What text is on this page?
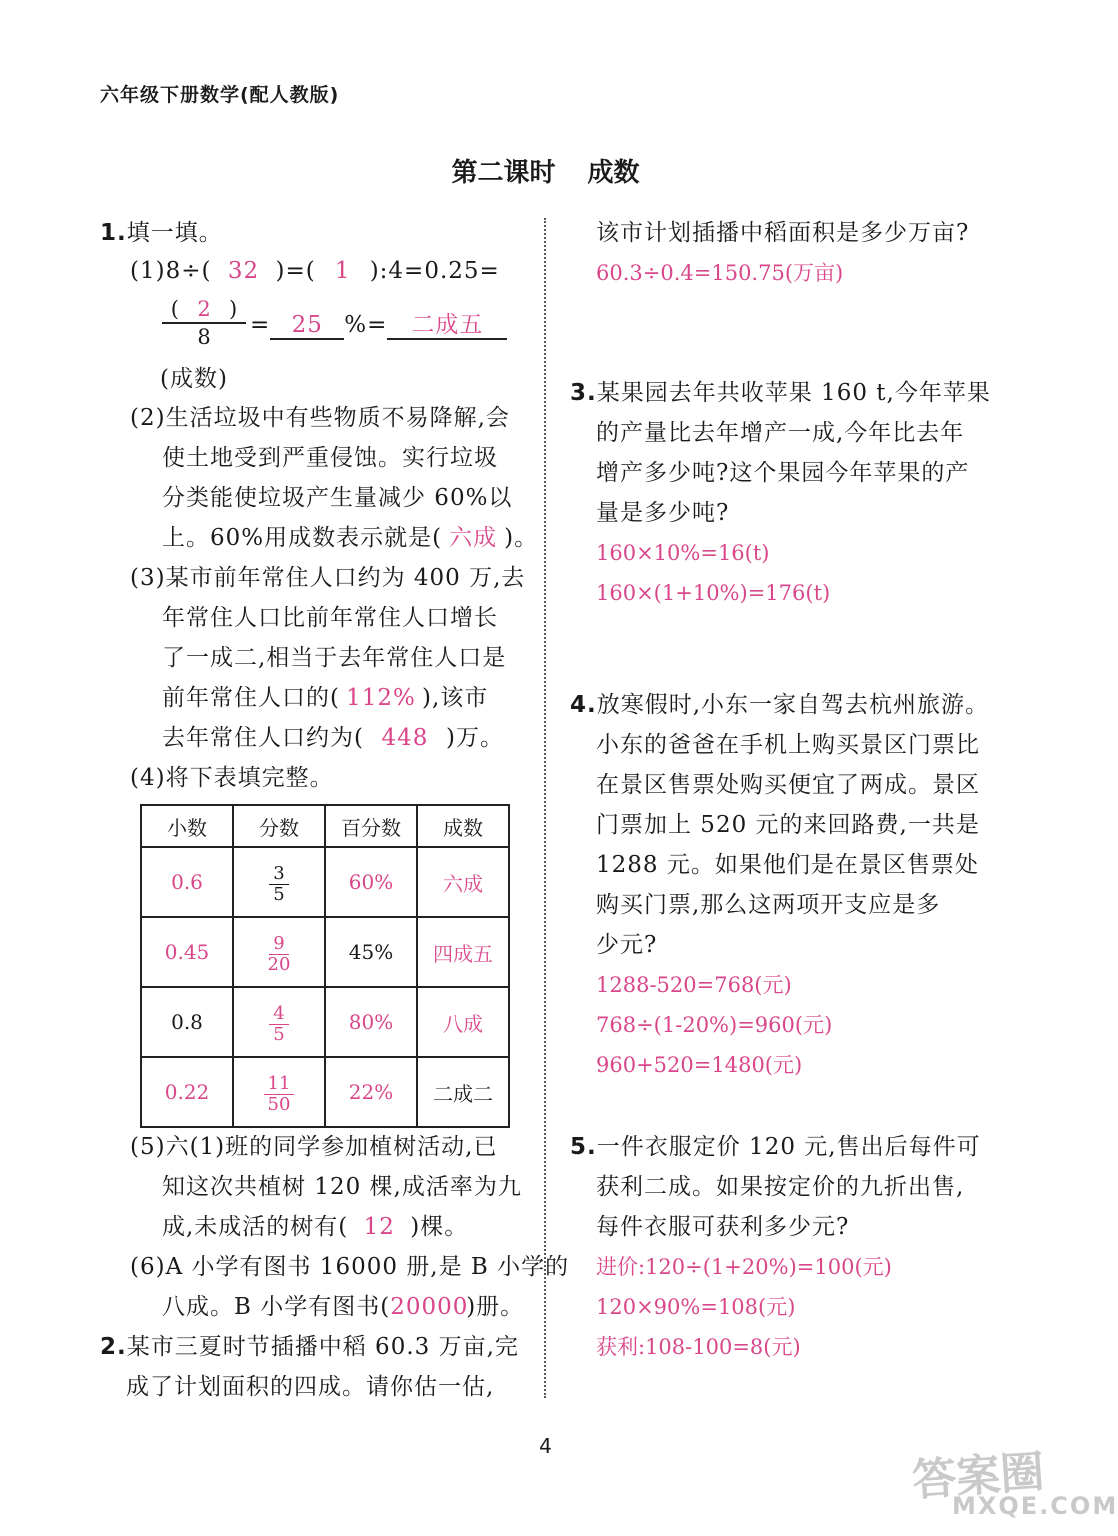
六年级下册数学(配人教版)
第二课时 成数
1.填一填。
(1)8÷( 32 )=( 1 ):4=0.25=
$\frac{( 2 )}{8} = 25$ %= 二成五
(成数)
(2)生活垃圾中有些物质不易降解,会
使土地受到严重侵蚀。实行垃圾
分类能使垃圾产生量减少 60%以
上。60%用成数表示就是( 六成 )。
(3)某市前年常住人口约为 400 万,去
年常住人口比前年常住人口增长
了一成二,相当于去年常住人口是
前年常住人口的( 112% ),该市
去年常住人口约为( 448 )万。
(4)将下表填完整。
小数	分数	百分数	成数
0.6	$\frac{3}{5}$	60%	六成
0.45	$\frac{9}{20}$	45%	四成五
0.8	$\frac{4}{5}$	80%	八成
0.22	$\frac{11}{50}$	22%	二成二
(5)六(1)班的同学参加植树活动,已
知这次共植树 120 棵,成活率为九
成,未成活的树有( 12 )棵。
(6)A 小学有图书 16000 册,是 B 小学的
八成。B 小学有图书(20000)册。
2.某市三夏时节插播中稻 60.3 万亩,完
成了计划面积的四成。请你估一估,
该市计划插播中稻面积是多少万亩?
60.3÷0.4=150.75(万亩)
3.某果园去年共收苹果 160 t,今年苹果
的产量比去年增产一成,今年比去年
增产多少吨?这个果园今年苹果的产
量是多少吨?
160×10%=16(t)
160×(1+10%)=176(t)
4.放寒假时,小东一家自驾去杭州旅游。
小东的爸爸在手机上购买景区门票比
在景区售票处购买便宜了两成。景区
门票加上 520 元的来回路费,一共是
1288 元。如果他们是在景区售票处
购买门票,那么这两项开支应是多
少元?
1288-520=768(元)
768÷(1-20%)=960(元)
960+520=1480(元)
5.一件衣服定价 120 元,售出后每件可
获利二成。如果按定价的九折出售,
每件衣服可获利多少元?
进价:120÷(1+20%)=100(元)
120×90%=108(元)
获利:108-100=8(元)
4
答案圈
MXQE.COM
